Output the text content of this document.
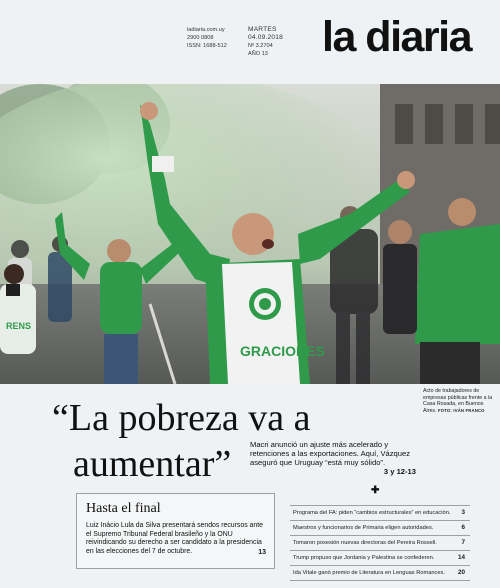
ladiaria.com.uy
2900 0808
ISSN: 1688-512
MARTES
04.09.2018
Nº 3.2704
AÑO 13	la diaria
RENS
GRACIONES
Acto de trabajadores de empresas públicas frente a la Casa Rosada, en Buenos Aires. FOTO: IVÁN FRANCO
“La pobreza va a
aumentar”	Macri anunció un ajuste más acelerado y retenciones a las exportaciones. Aquí, Vázquez aseguró que Uruguay “está muy sólido”.
3 y 12-13
Hasta el final
Luiz Inácio Lula da Silva presentará sendos recursos ante el Supremo Tribunal Federal brasileño y la ONU reivindicando su derecho a ser candidato a la presidencia en las elecciones del 7 de octubre.	13
✚
Programa del FA: piden “cambios estructurales” en educación. 3
Maestros y funcionarios de Primaria eligen autoridades.	6
Tomaron posesión nuevas directoras del Pereira Rossell.	7
Trump propuso que Jordania y Palestina se confederen.	14
Ida Vitale ganó premio de Literatura en Lenguas Romances. 20
